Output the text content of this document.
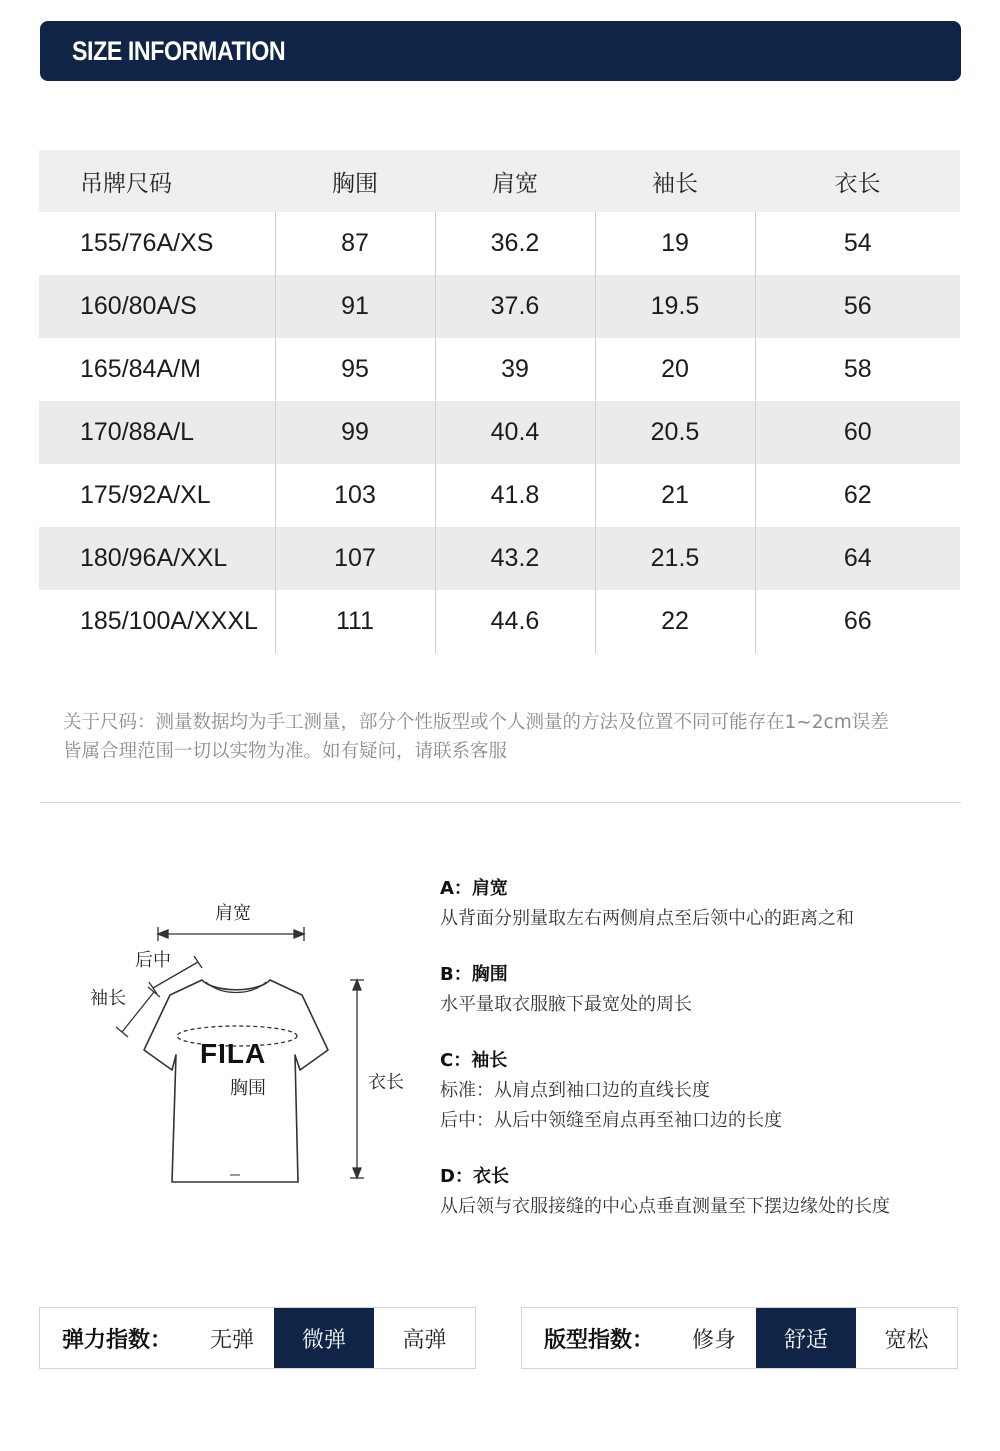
SIZE INFORMATION
吊牌尺码	胸围	肩宽	袖长	衣长
155/76A/XS	87	36.2	19	54
160/80A/S	91	37.6	19.5	56
165/84A/M	95	39	20	58
170/88A/L	99	40.4	20.5	60
175/92A/XL	103	41.8	21	62
180/96A/XXL	107	43.2	21.5	64
185/100A/XXXL	111	44.6	22	66
关于尺码：测量数据均为手工测量，部分个性版型或个人测量的方法及位置不同可能存在1~2cm误差
皆属合理范围一切以实物为准。如有疑问，请联系客服
肩宽
后中
袖长
FILA
胸围	衣长
A：肩宽
从背面分别量取左右两侧肩点至后领中心的距离之和
B：胸围
水平量取衣服腋下最宽处的周长
C：袖长
标准：从肩点到袖口边的直线长度
后中：从后中领缝至肩点再至袖口边的长度
D：衣长
从后领与衣服接缝的中心点垂直测量至下摆边缘处的长度
弹力指数：	无弹	微弹	高弹	版型指数：	修身	舒适	宽松
